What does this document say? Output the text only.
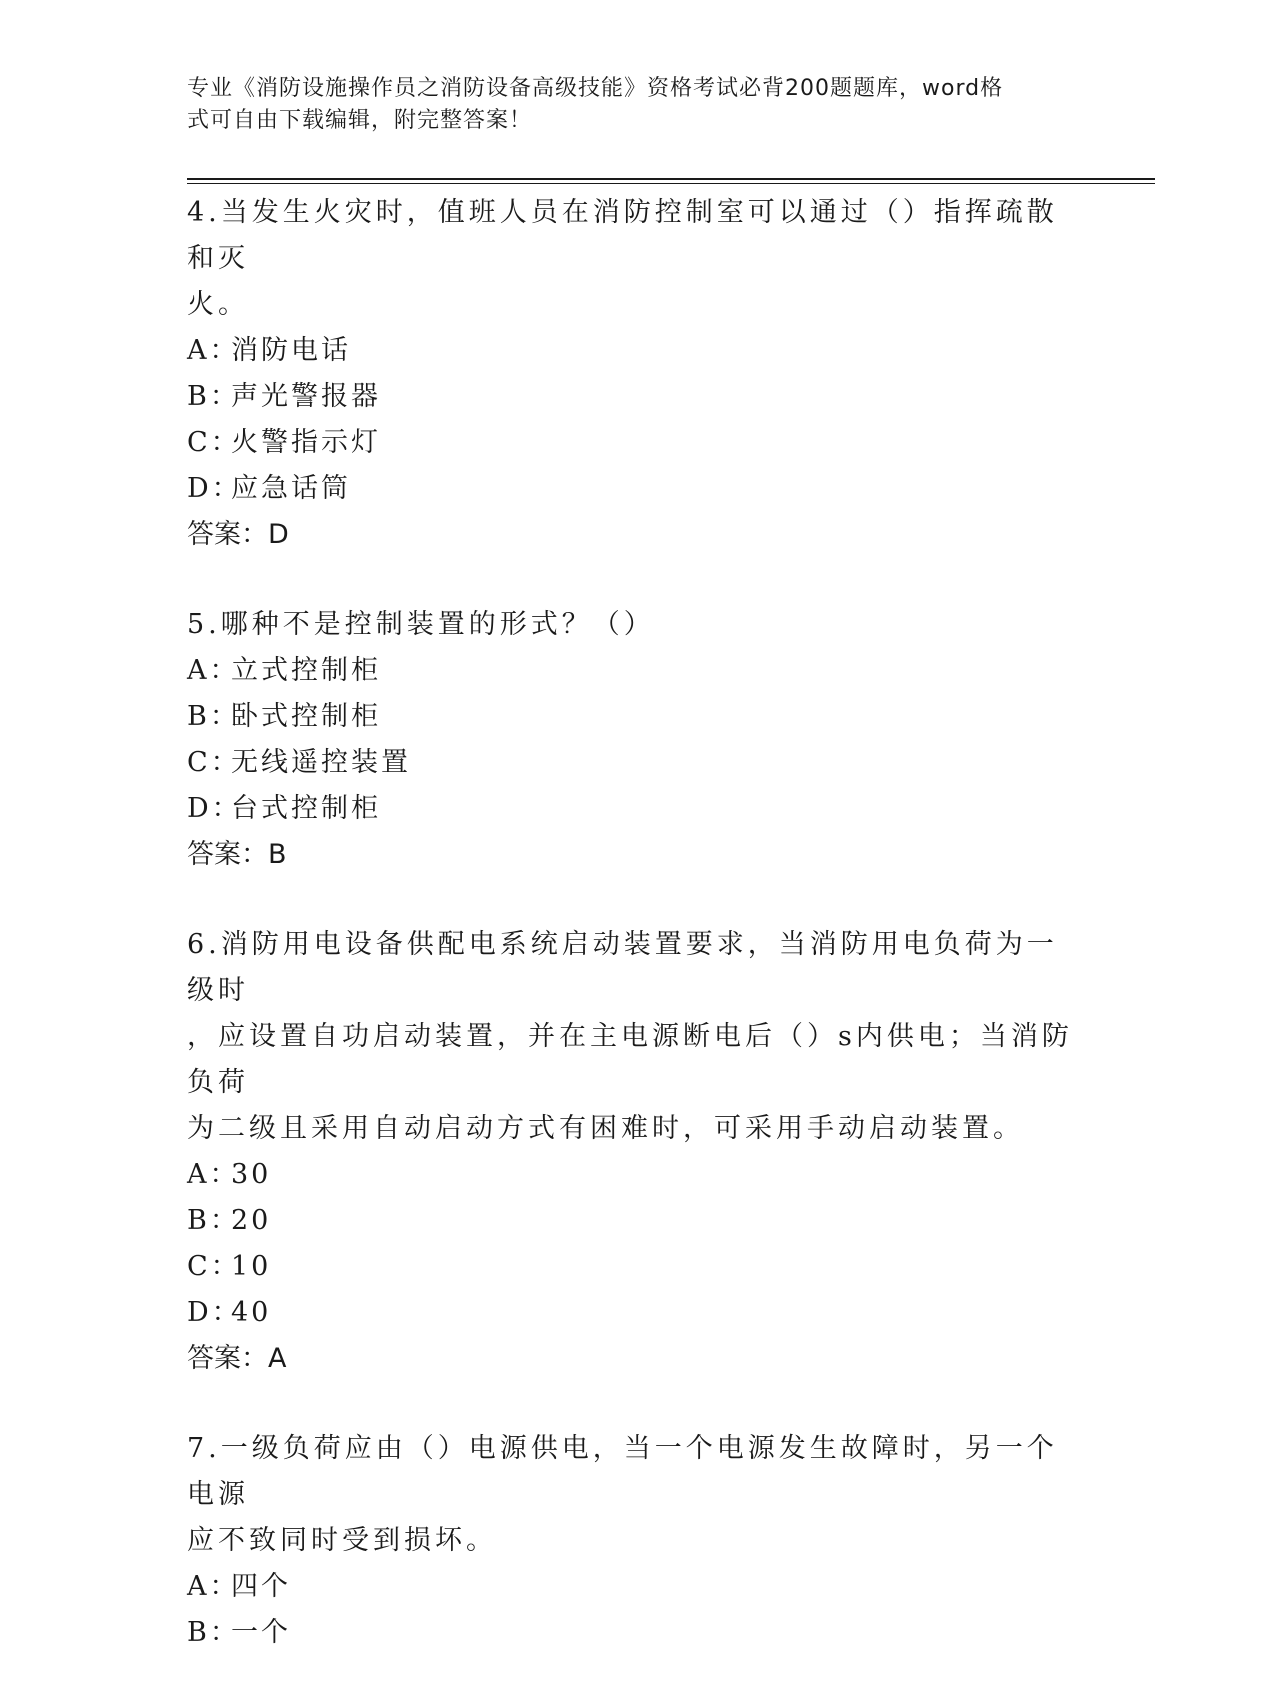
专业《消防设施操作员之消防设备高级技能》资格考试必背200题题库，word格
式可自由下载编辑，附完整答案！

4.当发生火灾时，值班人员在消防控制室可以通过（）指挥疏散和灭

火。

A：
消防电话

B：
声光警报器

C：
火警指示灯

D：
应急话筒

答案：D

5.哪种不是控制装置的形式？（）

A：
立式控制柜

B：
卧式控制柜

C：
无线遥控装置

D：
台式控制柜

答案：B

6.消防用电设备供配电系统启动装置要求，当消防用电负荷为一级时

，应设置自功启动装置，并在主电源断电后（）s内供电；当消防负荷

为二级且采用自动启动方式有困难时，可采用手动启动装置。

A：
30

B：
20

C：
10

D：
40

答案：A

7.一级负荷应由（）电源供电，当一个电源发生故障时，另一个电源

应不致同时受到损坏。

A：
四个

B：
一个
